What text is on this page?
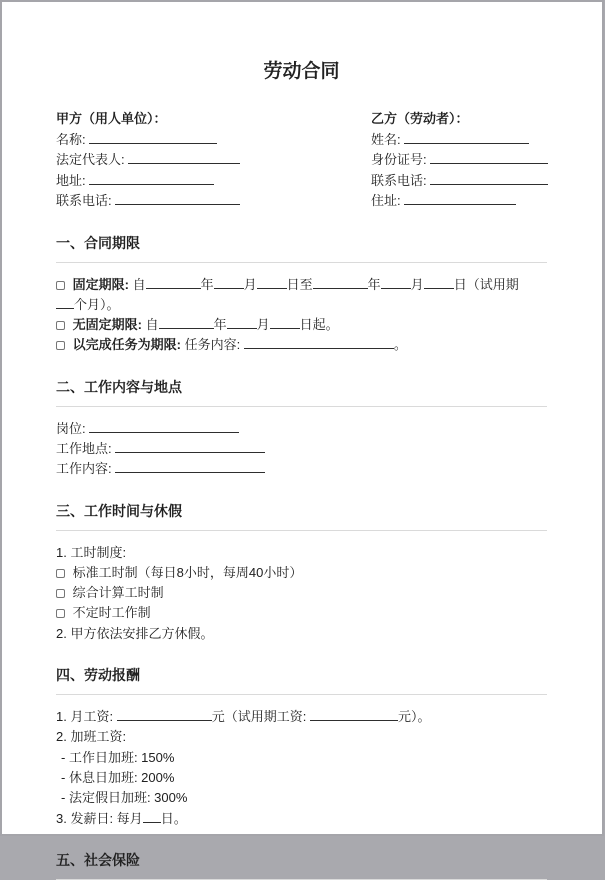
劳动合同
甲方（用人单位）：
名称:
法定代表人:
地址:
联系电话:
乙方（劳动者）：
姓名:
身份证号:
联系电话:
住址:
一、合同期限
固定期限: 自	年 月 日至	年 月 日（试用期
个月）。
无固定期限: 自	年 月 日起。
以完成任务为期限: 任务内容:	。
二、工作内容与地点
岗位:
工作地点:
工作内容:
三、工作时间与休假
1. 工时制度:
标准工时制（每日8小时，每周40小时）
综合计算工时制
不定时工作制
2. 甲方依法安排乙方休假。
四、劳动报酬
1. 月工资:	元（试用期工资:	元）。
2. 加班工资:
- 工作日加班: 150%
- 休息日加班: 200%
- 法定假日加班: 300%
3. 发薪日: 每月 日。
五、社会保险
